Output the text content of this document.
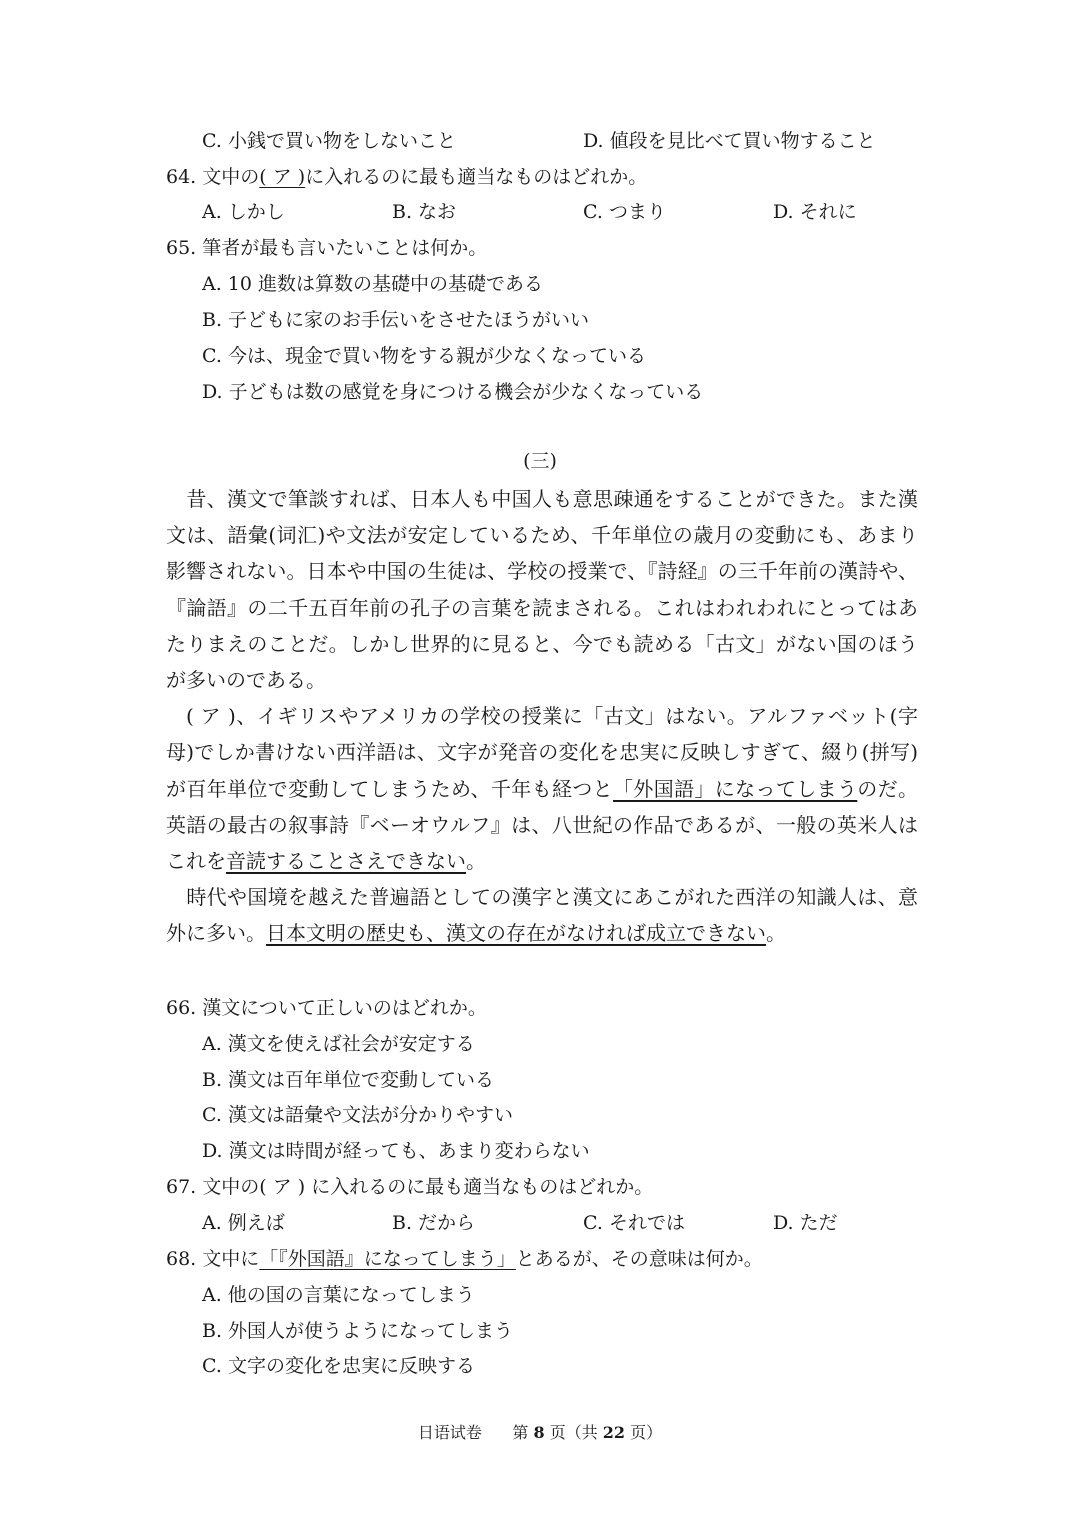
C. 小銭で買い物をしないこと	D. 値段を見比べて買い物すること
64. 文中の( ア )に入れるのに最も適当なものはどれか。
A. しかし	B. なお	C. つまり	D. それに
65. 筆者が最も言いたいことは何か。
A. 10 進数は算数の基礎中の基礎である
B. 子どもに家のお手伝いをさせたほうがいい
C. 今は、現金で買い物をする親が少なくなっている
D. 子どもは数の感覚を身につける機会が少なくなっている
(三)

昔、漢文で筆談すれば、日本人も中国人も意思疎通をすることができた。また漢文は、語彙(词汇)や文法が安定しているため、千年単位の歳月の変動にも、あまり影響されない。日本や中国の生徒は、学校の授業で、『詩経』の三千年前の漢詩や、『論語』の二千五百年前の孔子の言葉を読まされる。これはわれわれにとってはあたりまえのことだ。しかし世界的に見ると、今でも読める「古文」がない国のほうが多いのである。

( ア )、イギリスやアメリカの学校の授業に「古文」はない。アルファベット(字母)でしか書けない西洋語は、文字が発音の変化を忠実に反映しすぎて、綴り(拼写)が百年単位で変動してしまうため、千年も経つと「外国語」になってしまうのだ。英語の最古の叙事詩『ベーオウルフ』は、八世紀の作品であるが、一般の英米人はこれを音読することさえできない。

時代や国境を越えた普遍語としての漢字と漢文にあこがれた西洋の知識人は、意外に多い。日本文明の歴史も、漢文の存在がなければ成立できない。

66. 漢文について正しいのはどれか。
A. 漢文を使えば社会が安定する
B. 漢文は百年単位で変動している
C. 漢文は語彙や文法が分かりやすい
D. 漢文は時間が経っても、あまり変わらない
67. 文中の( ア ) に入れるのに最も適当なものはどれか。
A. 例えば	B. だから	C. それでは	D. ただ
68. 文中に「『外国語』になってしまう」とあるが、その意味は何か。
A. 他の国の言葉になってしまう
B. 外国人が使うようになってしまう
C. 文字の変化を忠実に反映する
日语试卷 第 8 页（共 22 页）
